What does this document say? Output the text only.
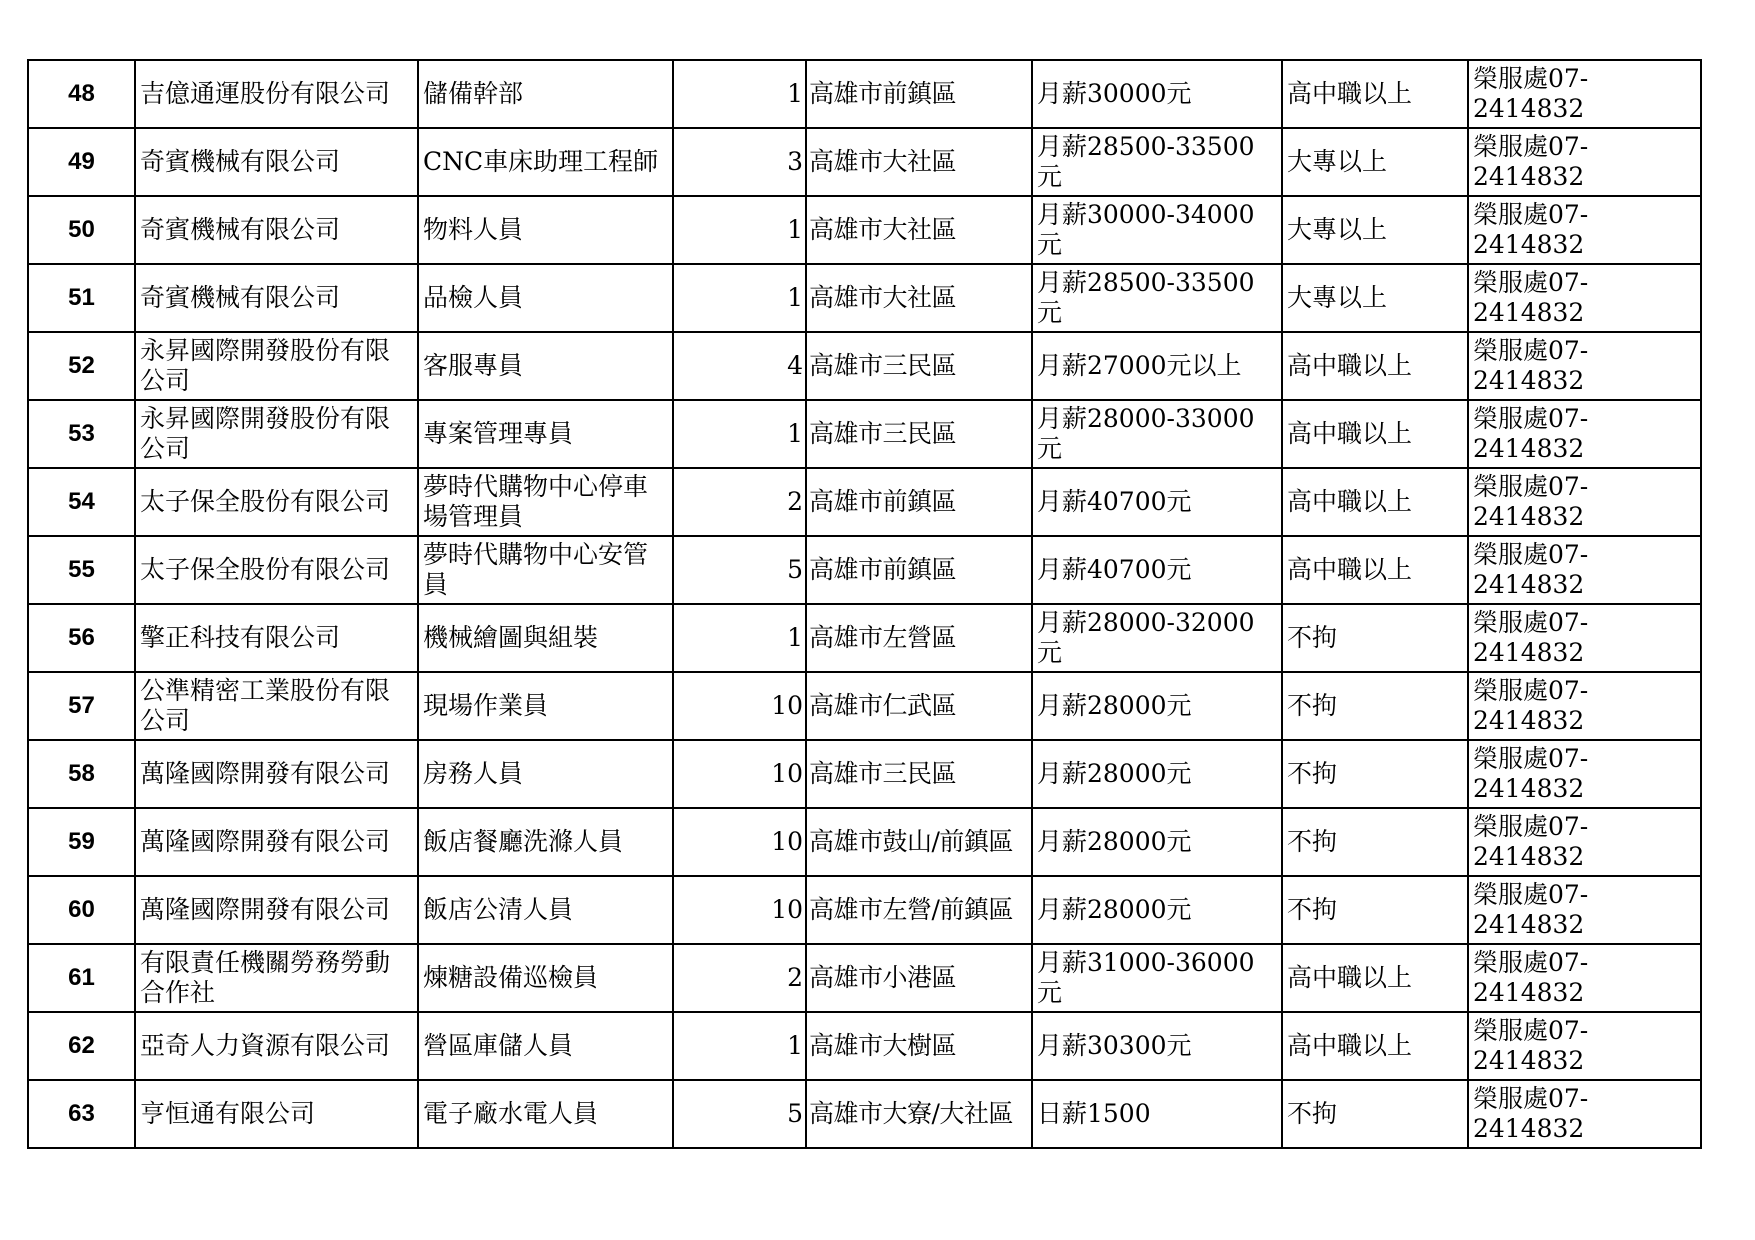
48	吉億通運股份有限公司	儲備幹部	1	高雄市前鎮區	月薪30000元	高中職以上	榮服處07-2414832
49	奇賓機械有限公司	CNC車床助理工程師	3	高雄市大社區	月薪28500-33500元	大專以上	榮服處07-2414832
50	奇賓機械有限公司	物料人員	1	高雄市大社區	月薪30000-34000元	大專以上	榮服處07-2414832
51	奇賓機械有限公司	品檢人員	1	高雄市大社區	月薪28500-33500元	大專以上	榮服處07-2414832
52	永昇國際開發股份有限公司	客服專員	4	高雄市三民區	月薪27000元以上	高中職以上	榮服處07-2414832
53	永昇國際開發股份有限公司	專案管理專員	1	高雄市三民區	月薪28000-33000元	高中職以上	榮服處07-2414832
54	太子保全股份有限公司	夢時代購物中心停車場管理員	2	高雄市前鎮區	月薪40700元	高中職以上	榮服處07-2414832
55	太子保全股份有限公司	夢時代購物中心安管員	5	高雄市前鎮區	月薪40700元	高中職以上	榮服處07-2414832
56	擎正科技有限公司	機械繪圖與組裝	1	高雄市左營區	月薪28000-32000元	不拘	榮服處07-2414832
57	公準精密工業股份有限公司	現場作業員	10	高雄市仁武區	月薪28000元	不拘	榮服處07-2414832
58	萬隆國際開發有限公司	房務人員	10	高雄市三民區	月薪28000元	不拘	榮服處07-2414832
59	萬隆國際開發有限公司	飯店餐廳洗滌人員	10	高雄市鼓山/前鎮區	月薪28000元	不拘	榮服處07-2414832
60	萬隆國際開發有限公司	飯店公清人員	10	高雄市左營/前鎮區	月薪28000元	不拘	榮服處07-2414832
61	有限責任機關勞務勞動合作社	煉糖設備巡檢員	2	高雄市小港區	月薪31000-36000元	高中職以上	榮服處07-2414832
62	亞奇人力資源有限公司	營區庫儲人員	1	高雄市大樹區	月薪30300元	高中職以上	榮服處07-2414832
63	亨恒通有限公司	電子廠水電人員	5	高雄市大寮/大社區	日薪1500	不拘	榮服處07-2414832
